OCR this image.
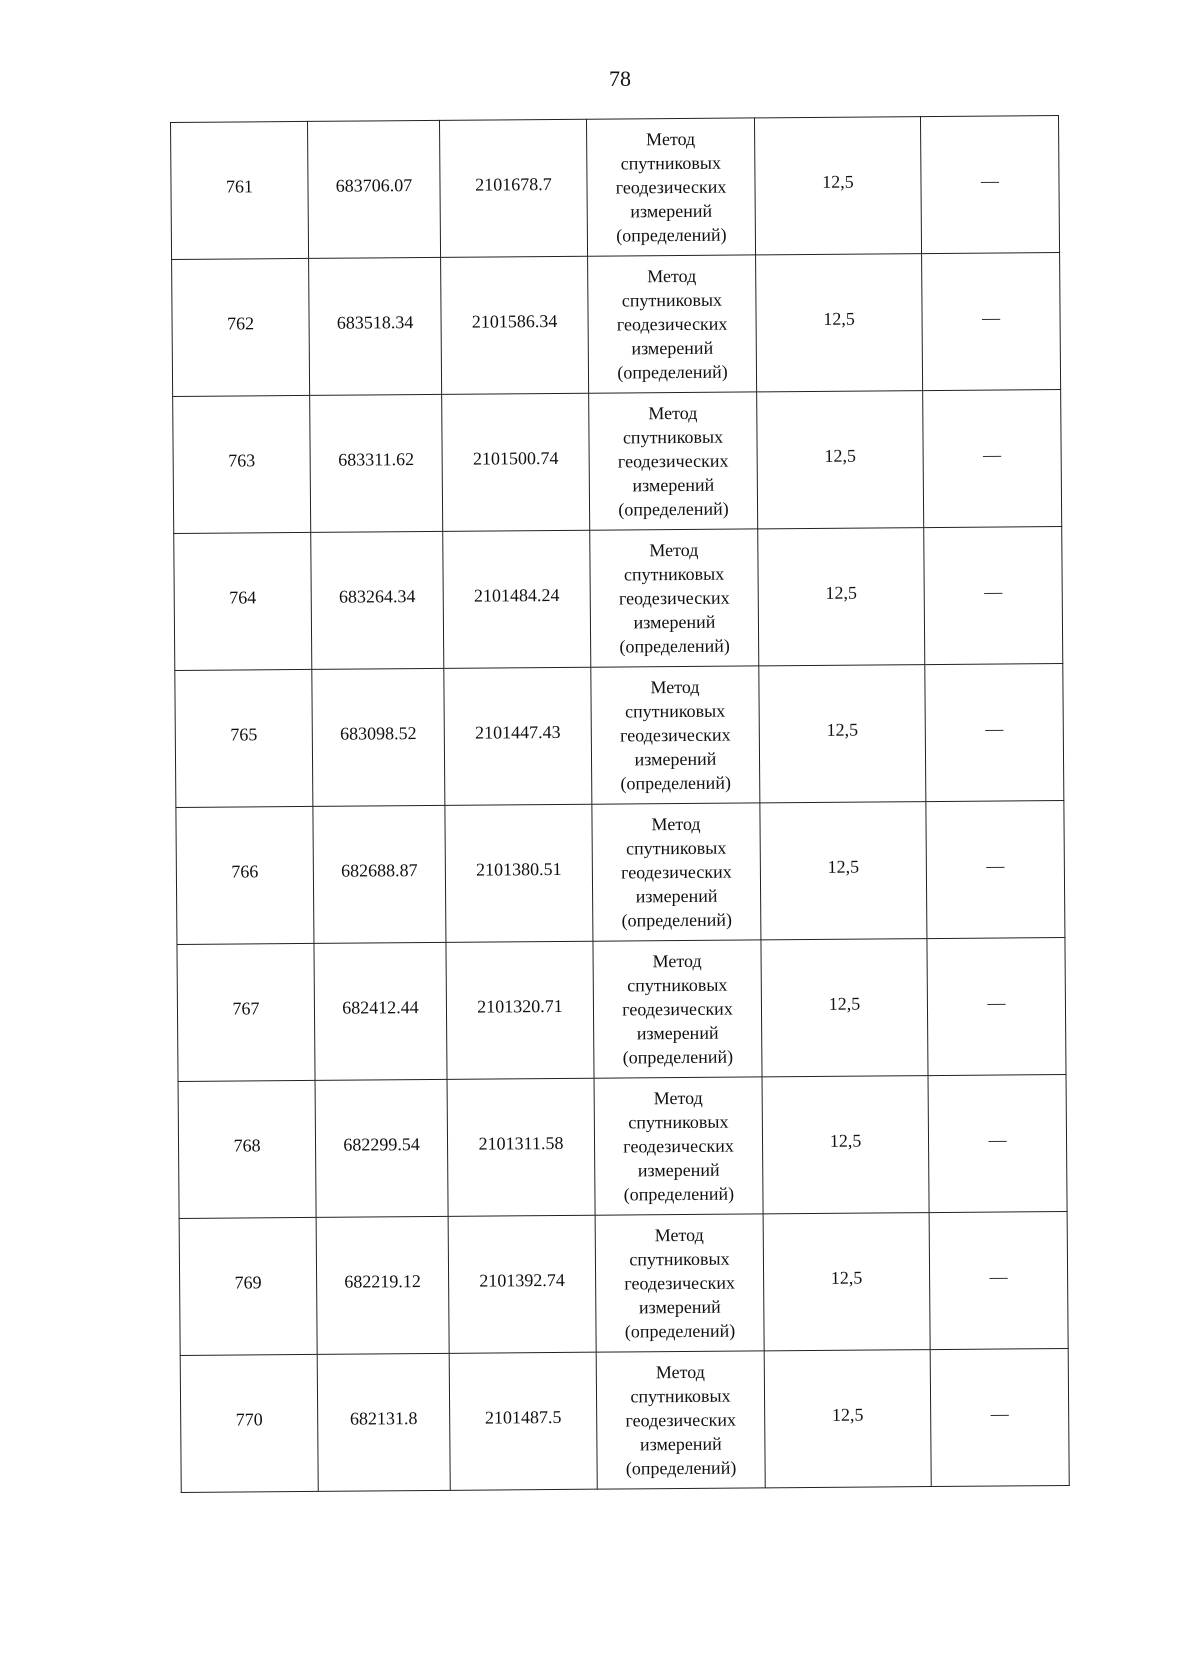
78
761	683706.07	2101678.7	Метод
спутниковых
геодезических
измерений
(определений)	12,5	—
762	683518.34	2101586.34	Метод
спутниковых
геодезических
измерений
(определений)	12,5	—
763	683311.62	2101500.74	Метод
спутниковых
геодезических
измерений
(определений)	12,5	—
764	683264.34	2101484.24	Метод
спутниковых
геодезических
измерений
(определений)	12,5	—
765	683098.52	2101447.43	Метод
спутниковых
геодезических
измерений
(определений)	12,5	—
766	682688.87	2101380.51	Метод
спутниковых
геодезических
измерений
(определений)	12,5	—
767	682412.44	2101320.71	Метод
спутниковых
геодезических
измерений
(определений)	12,5	—
768	682299.54	2101311.58	Метод
спутниковых
геодезических
измерений
(определений)	12,5	—
769	682219.12	2101392.74	Метод
спутниковых
геодезических
измерений
(определений)	12,5	—
770	682131.8	2101487.5	Метод
спутниковых
геодезических
измерений
(определений)	12,5	—
